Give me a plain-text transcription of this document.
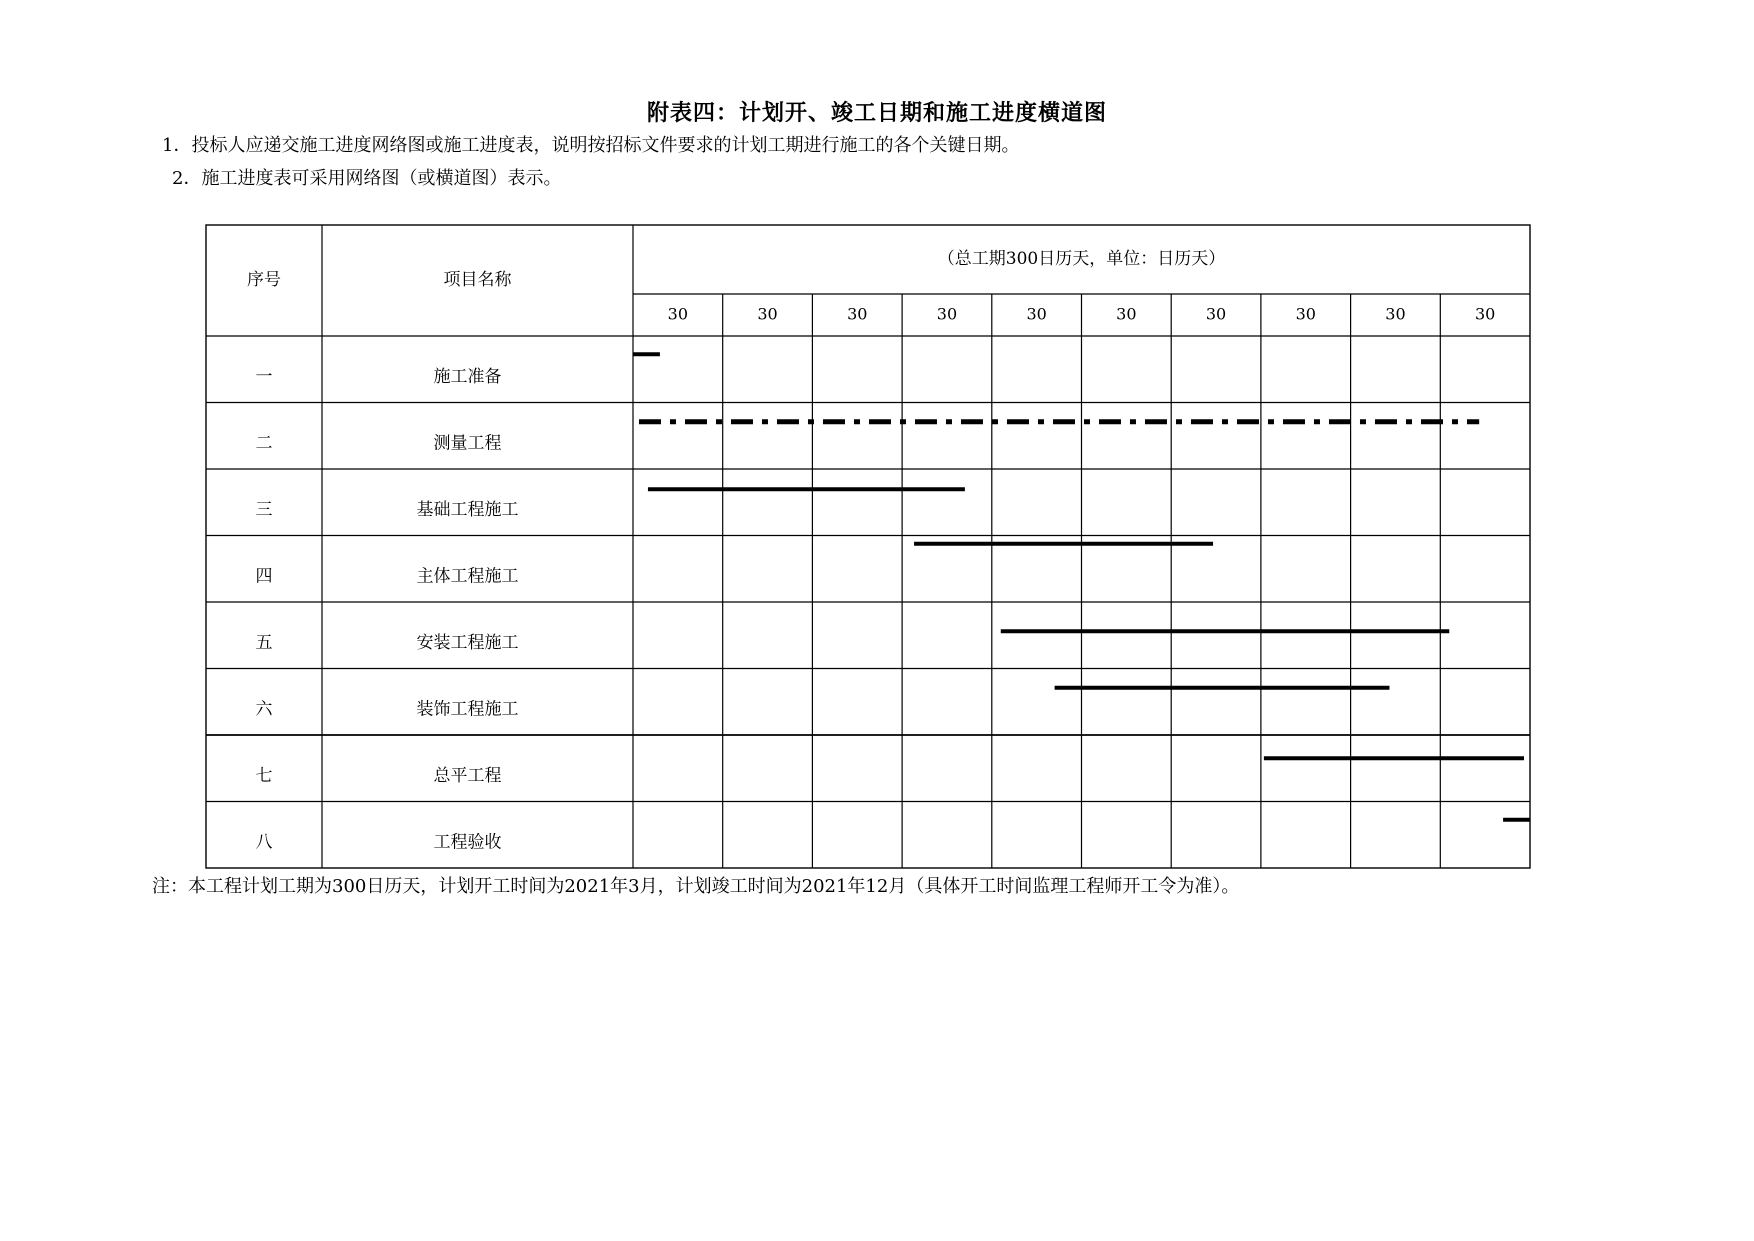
附表四：计划开、竣工日期和施工进度横道图
1．投标人应递交施工进度网络图或施工进度表，说明按招标文件要求的计划工期进行施工的各个关键日期。
2．施工进度表可采用网络图（或横道图）表示。
序号	项目名称
（总工期300日历天，单位：日历天）
30	30	30	30	30	30	30	30	30	30
一	施工准备
二	测量工程
三	基础工程施工
四	主体工程施工
五	安装工程施工
六	装饰工程施工
七	总平工程
八	工程验收
注：本工程计划工期为300日历天，计划开工时间为2021年3月，计划竣工时间为2021年12月（具体开工时间监理工程师开工令为准）。
